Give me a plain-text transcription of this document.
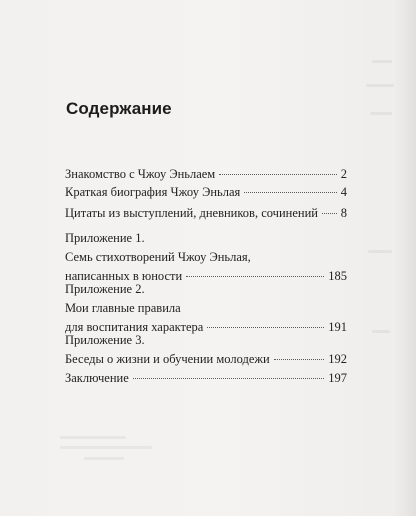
Содержание
Знакомство с Чжоу Эньлаем	2
Краткая биография Чжоу Эньлая	4
Цитаты из выступлений, дневников, сочинений 8
Приложение 1.
Семь стихотворений Чжоу Эньлая,
написанных в юности	185
Приложение 2.
Мои главные правила
для воспитания характера	191
Приложение 3.
Беседы о жизни и обучении молодежи	192
Заключение	197
